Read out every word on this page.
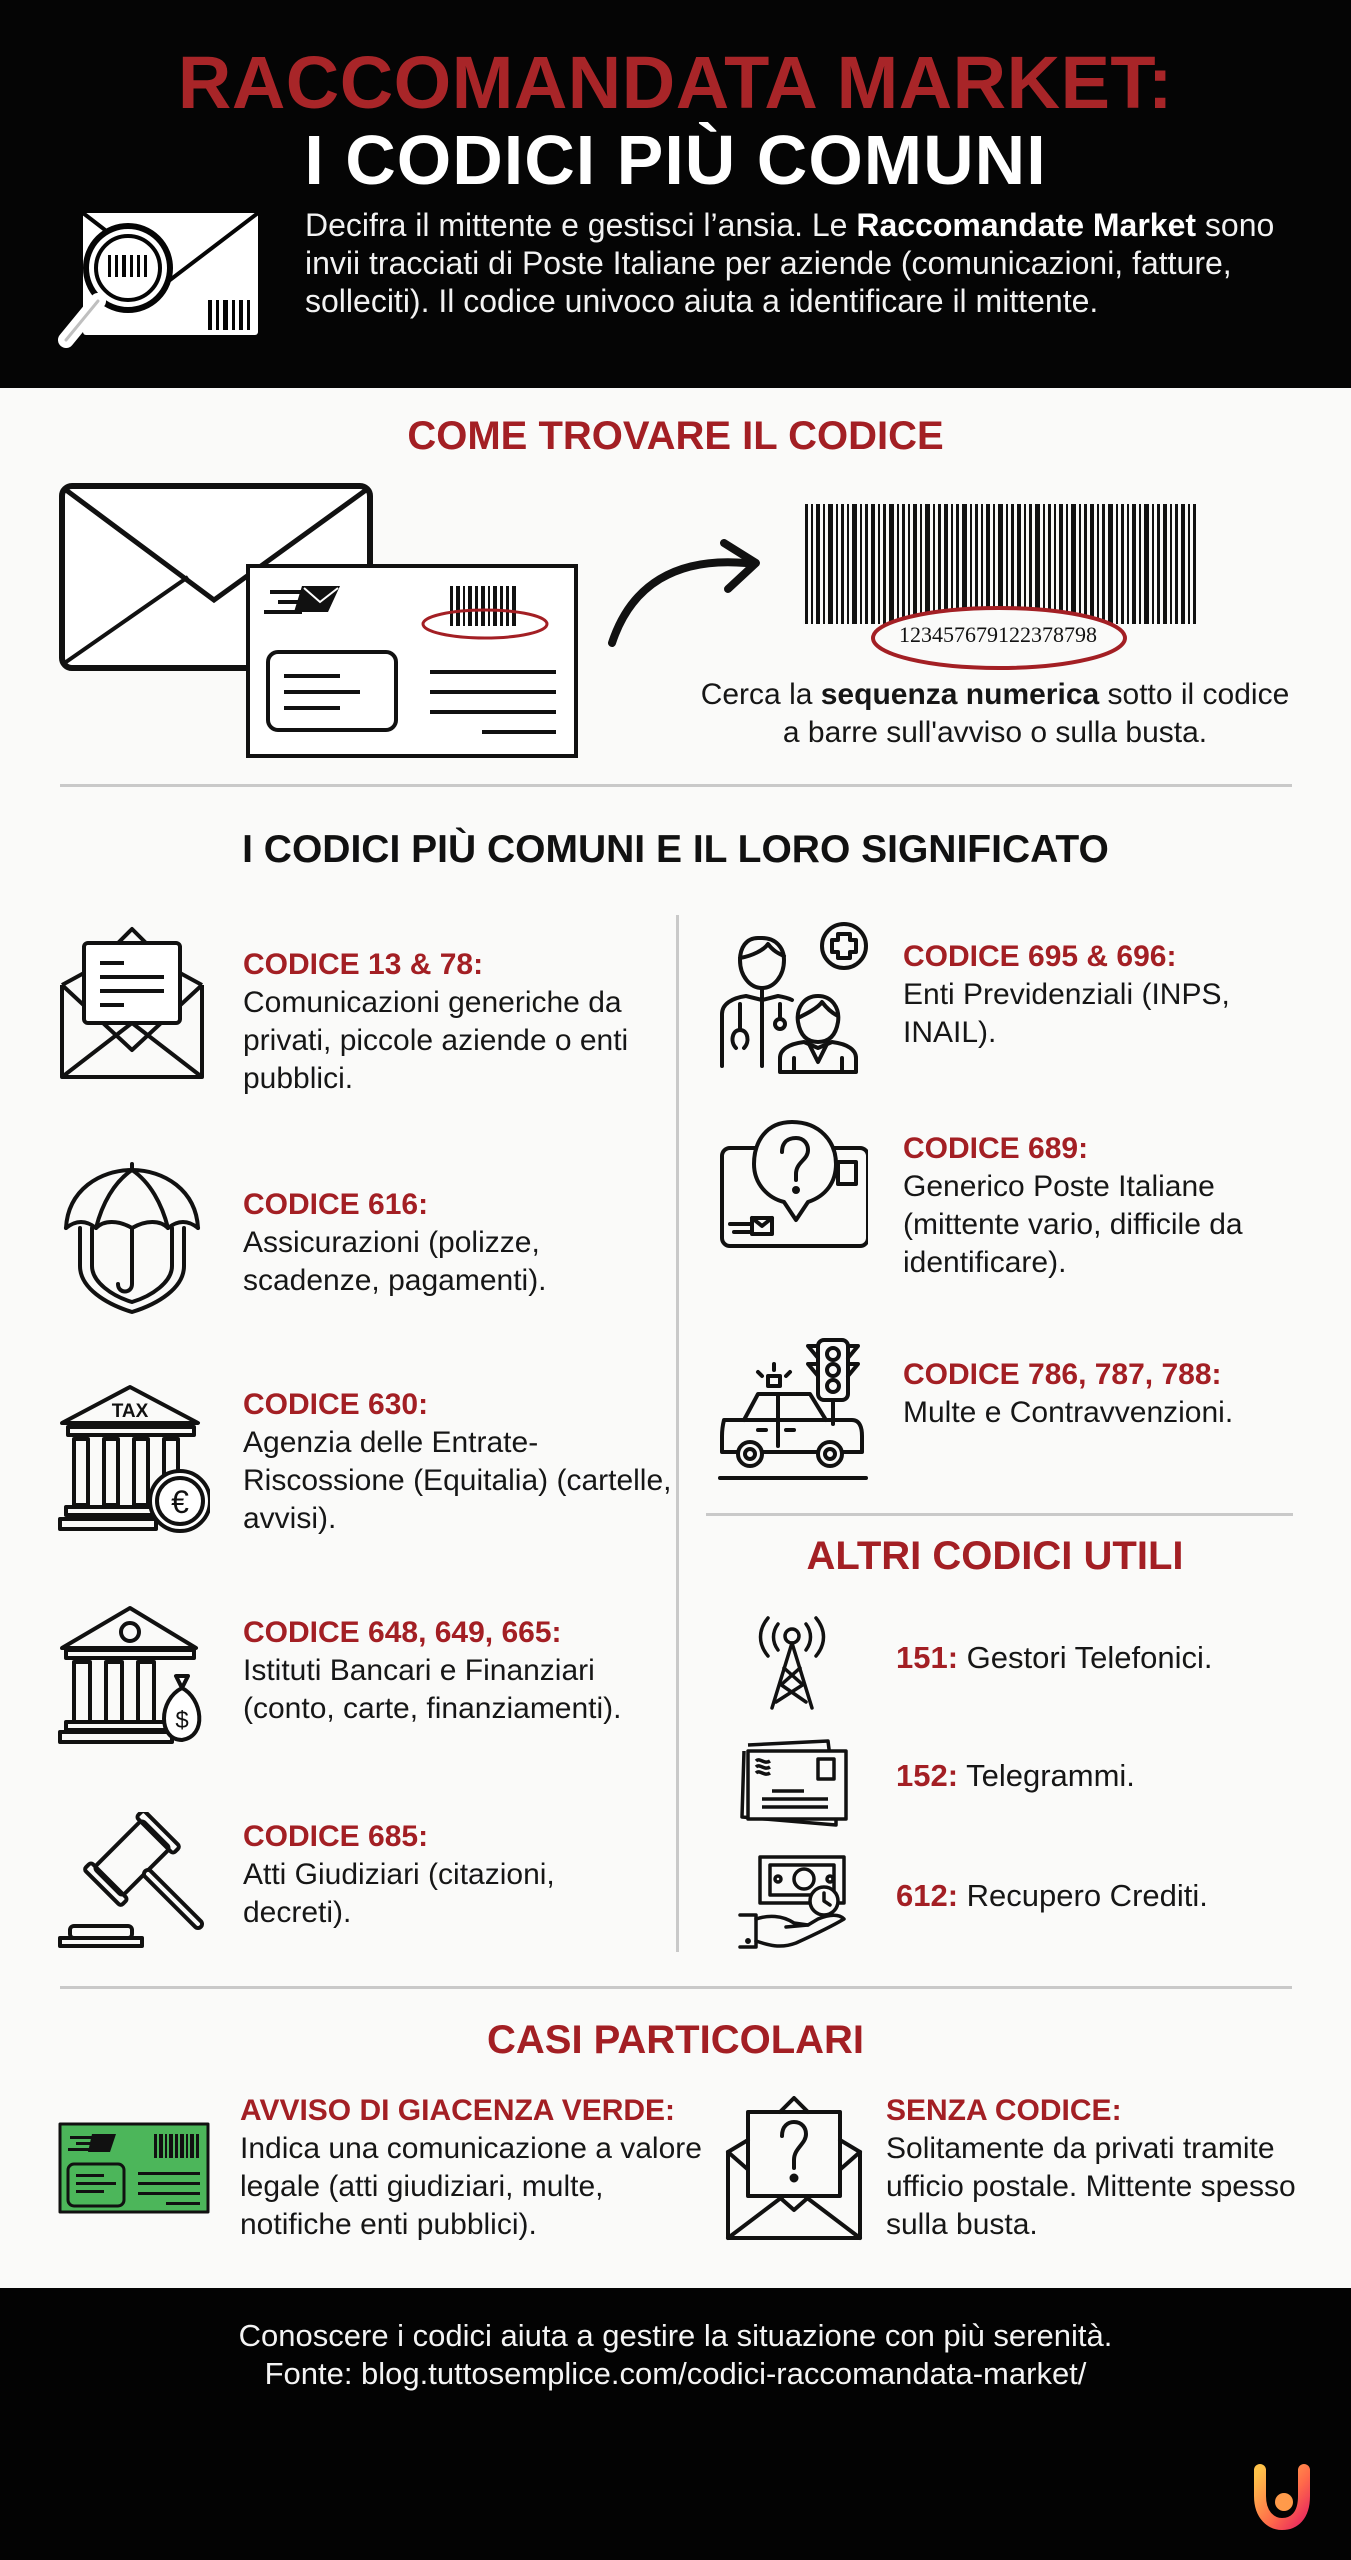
RACCOMANDATA MARKET:
I CODICI PIÙ COMUNI
Decifra il mittente e gestisci l’ansia. Le Raccomandate Market sono invii tracciati di Poste Italiane per aziende (comunicazioni, fatture, solleciti). Il codice univoco aiuta a identificare il mittente.
COME TROVARE IL CODICE
123457679122378798
Cerca la sequenza numerica sotto il codice a barre sull'avviso o sulla busta.
I CODICI PIÙ COMUNI E IL LORO SIGNIFICATO
CODICE 13 & 78:
Comunicazioni generiche da privati, piccole aziende o enti pubblici.
CODICE 616:
Assicurazioni (polizze, scadenze, pagamenti).
TAX
€
CODICE 630:
Agenzia delle Entrate-Riscossione (Equitalia) (cartelle, avvisi).
$
CODICE 648, 649, 665:
Istituti Bancari e Finanziari (conto, carte, finanziamenti).
CODICE 685:
Atti Giudiziari (citazioni, decreti).
CODICE 695 & 696:
Enti Previdenziali (INPS, INAIL).
CODICE 689:
Generico Poste Italiane (mittente vario, difficile da identificare).
CODICE 786, 787, 788:
Multe e Contravvenzioni.
ALTRI CODICI UTILI
151: Gestori Telefonici.
152: Telegrammi.
612: Recupero Crediti.
CASI PARTICOLARI
AVVISO DI GIACENZA VERDE:
Indica una comunicazione a valore legale (atti giudiziari, multe, notifiche enti pubblici).
SENZA CODICE:
Solitamente da privati tramite ufficio postale. Mittente spesso sulla busta.
Conoscere i codici aiuta a gestire la situazione con più serenità.
Fonte: blog.tuttosemplice.com/codici-raccomandata-market/
